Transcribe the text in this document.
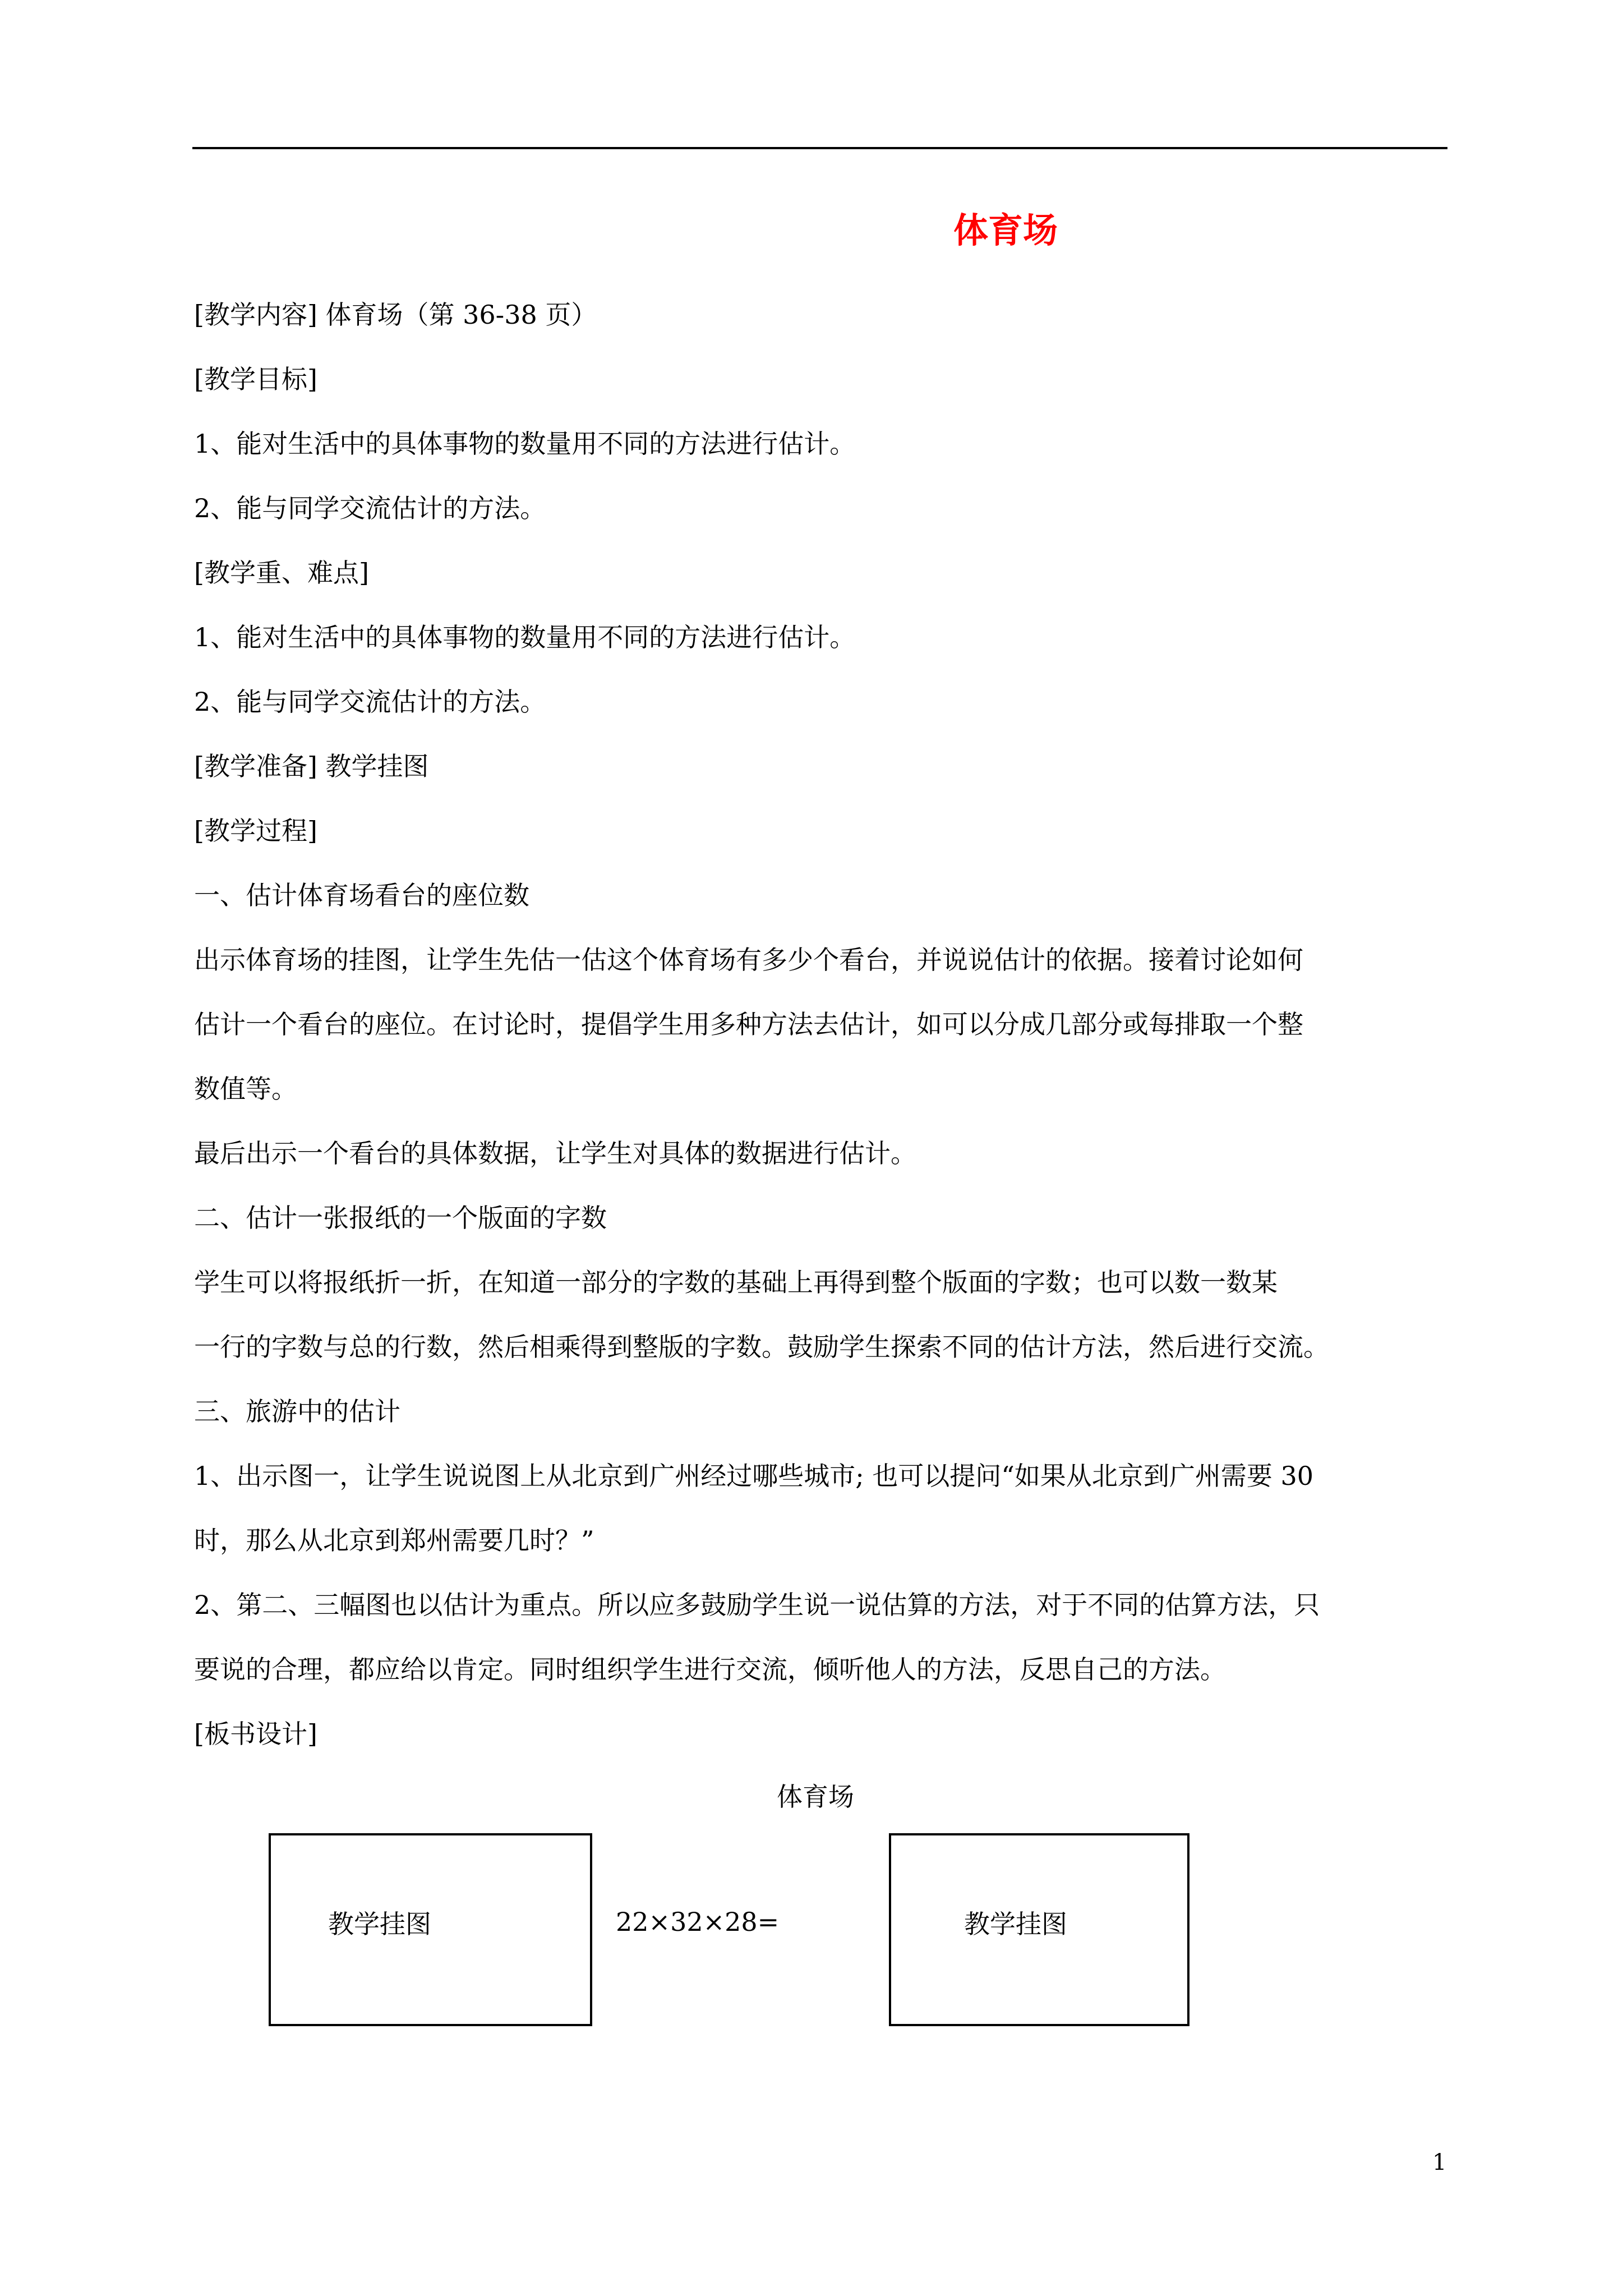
体育场
[教学内容] 体育场（第 36-38 页）
[教学目标]
1、能对生活中的具体事物的数量用不同的方法进行估计。
2、能与同学交流估计的方法。
[教学重、难点]
1、能对生活中的具体事物的数量用不同的方法进行估计。
2、能与同学交流估计的方法。
[教学准备] 教学挂图
[教学过程]
一、估计体育场看台的座位数
出示体育场的挂图，让学生先估一估这个体育场有多少个看台，并说说估计的依据。接着讨论如何
估计一个看台的座位。在讨论时，提倡学生用多种方法去估计，如可以分成几部分或每排取一个整
数值等。
最后出示一个看台的具体数据，让学生对具体的数据进行估计。
二、估计一张报纸的一个版面的字数
学生可以将报纸折一折，在知道一部分的字数的基础上再得到整个版面的字数；也可以数一数某
一行的字数与总的行数，然后相乘得到整版的字数。鼓励学生探索不同的估计方法，然后进行交流。
三、旅游中的估计
1、出示图一，让学生说说图上从北京到广州经过哪些城市; 也可以提问“如果从北京到广州需要 30
时，那么从北京到郑州需要几时？”
2、第二、三幅图也以估计为重点。所以应多鼓励学生说一说估算的方法，对于不同的估算方法，只
要说的合理，都应给以肯定。同时组织学生进行交流，倾听他人的方法，反思自己的方法。
[板书设计]
体育场
教学挂图	22×32×28=	教学挂图
1
